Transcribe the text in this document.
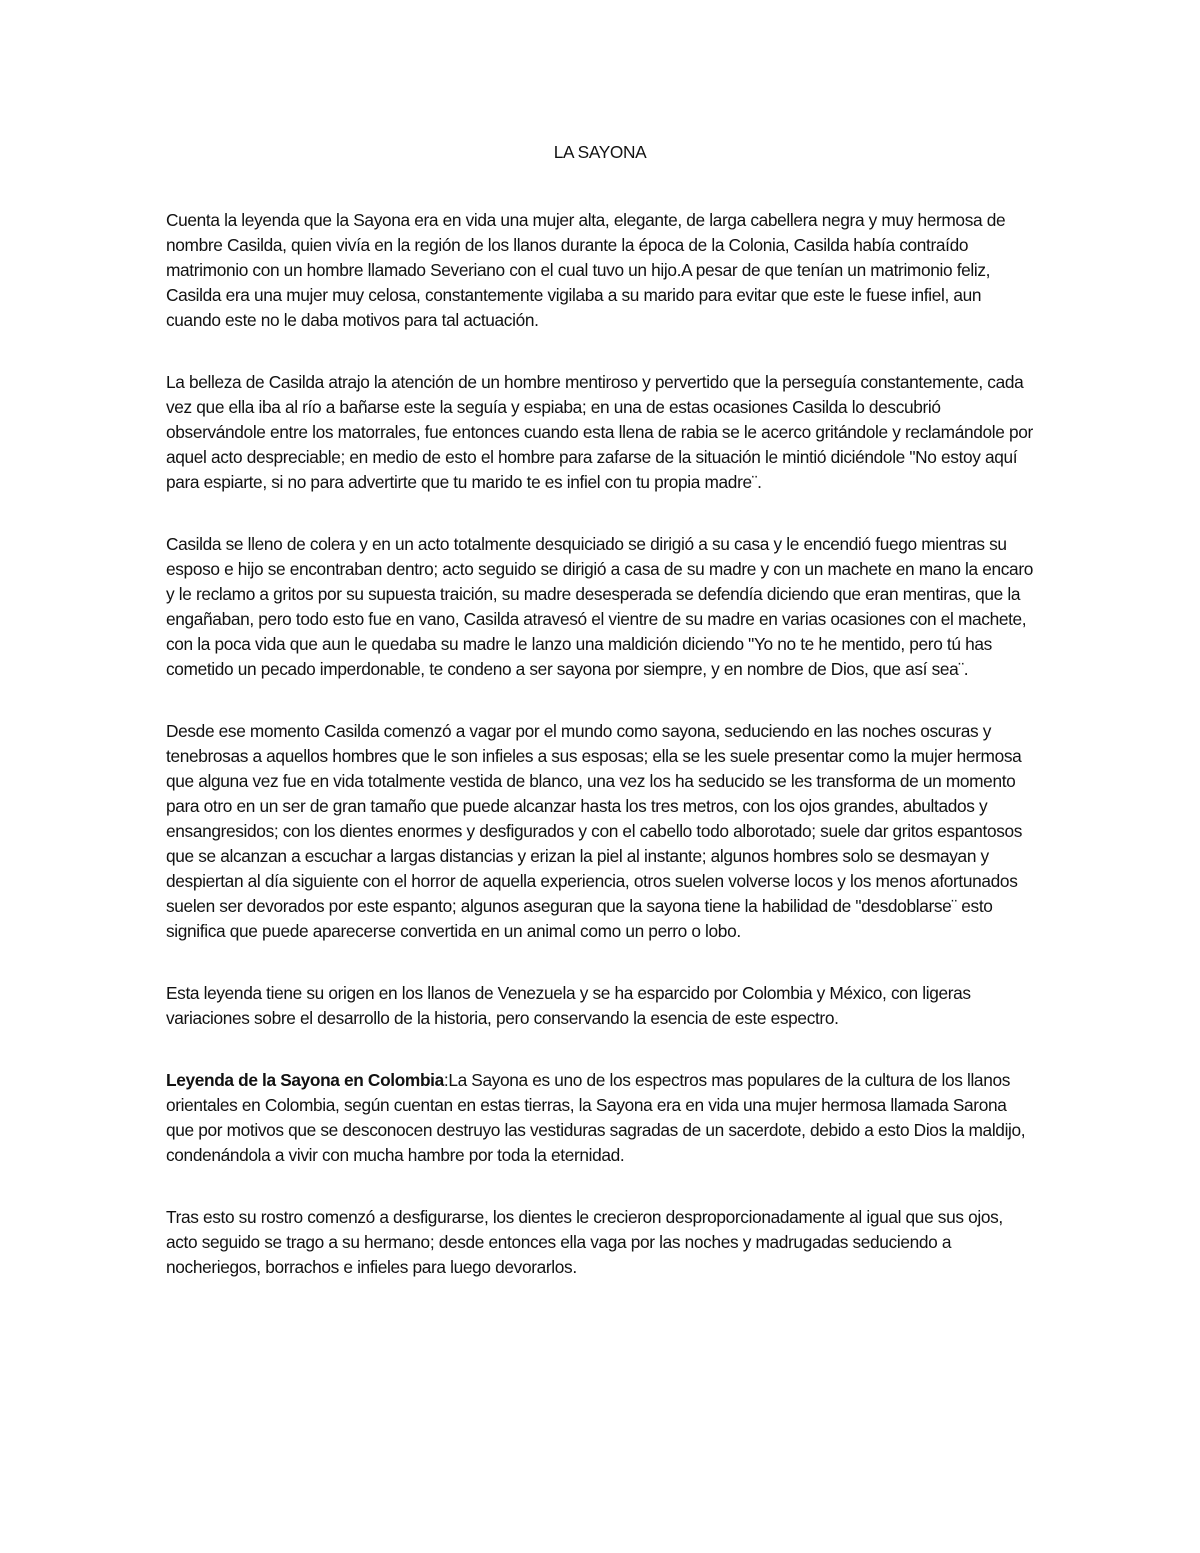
LA SAYONA

Cuenta la leyenda que la Sayona era en vida una mujer alta, elegante, de larga cabellera negra y muy hermosa de nombre Casilda, quien vivía en la región de los llanos durante la época de la Colonia, Casilda había contraído matrimonio con un hombre llamado Severiano con el cual tuvo un hijo.A pesar de que tenían un matrimonio feliz, Casilda era una mujer muy celosa, constantemente vigilaba a su marido para evitar que este le fuese infiel, aun cuando este no le daba motivos para tal actuación.

La belleza de Casilda atrajo la atención de un hombre mentiroso y pervertido que la perseguía constantemente, cada vez que ella iba al río a bañarse este la seguía y espiaba; en una de estas ocasiones Casilda lo descubrió observándole entre los matorrales, fue entonces cuando esta llena de rabia se le acerco gritándole y reclamándole por aquel acto despreciable; en medio de esto el hombre para zafarse de la situación le mintió diciéndole "No estoy aquí para espiarte, si no para advertirte que tu marido te es infiel con tu propia madre¨.

Casilda se lleno de colera y en un acto totalmente desquiciado se dirigió a su casa y le encendió fuego mientras su esposo e hijo se encontraban dentro; acto seguido se dirigió a casa de su madre y con un machete en mano la encaro y le reclamo a gritos por su supuesta traición, su madre desesperada se defendía diciendo que eran mentiras, que la engañaban, pero todo esto fue en vano, Casilda atravesó el vientre de su madre en varias ocasiones con el machete, con la poca vida que aun le quedaba su madre le lanzo una maldición diciendo "Yo no te he mentido, pero tú has cometido un pecado imperdonable, te condeno a ser sayona por siempre, y en nombre de Dios, que así sea¨.

Desde ese momento Casilda comenzó a vagar por el mundo como sayona, seduciendo en las noches oscuras y tenebrosas a aquellos hombres que le son infieles a sus esposas; ella se les suele presentar como la mujer hermosa que alguna vez fue en vida totalmente vestida de blanco, una vez los ha seducido se les transforma de un momento para otro en un ser de gran tamaño que puede alcanzar hasta los tres metros, con los ojos grandes, abultados y ensangresidos; con los dientes enormes y desfigurados y con el cabello todo alborotado; suele dar gritos espantosos que se alcanzan a escuchar a largas distancias y erizan la piel al instante; algunos hombres solo se desmayan y despiertan al día siguiente con el horror de aquella experiencia, otros suelen volverse locos y los menos afortunados suelen ser devorados por este espanto; algunos aseguran que la sayona tiene la habilidad de "desdoblarse¨ esto significa que puede aparecerse convertida en un animal como un perro o lobo.

Esta leyenda tiene su origen en los llanos de Venezuela y se ha esparcido por Colombia y México, con ligeras variaciones sobre el desarrollo de la historia, pero conservando la esencia de este espectro.

Leyenda de la Sayona en Colombia:La Sayona es uno de los espectros mas populares de la cultura de los llanos orientales en Colombia, según cuentan en estas tierras, la Sayona era en vida una mujer hermosa llamada Sarona que por motivos que se desconocen destruyo las vestiduras sagradas de un sacerdote, debido a esto Dios la maldijo, condenándola a vivir con mucha hambre por toda la eternidad.

Tras esto su rostro comenzó a desfigurarse, los dientes le crecieron desproporcionadamente al igual que sus ojos, acto seguido se trago a su hermano; desde entonces ella vaga por las noches y madrugadas seduciendo a nocheriegos, borrachos e infieles para luego devorarlos.
